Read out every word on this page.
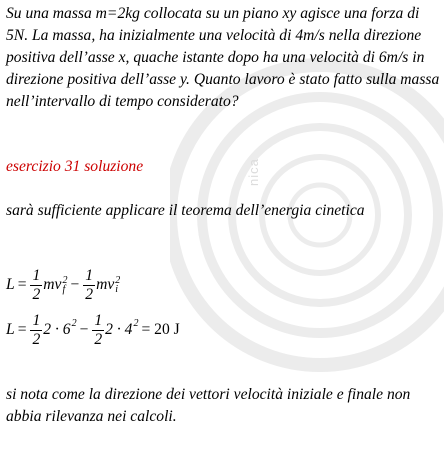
nica

Su una massa m=2kg collocata su un piano xy agisce una forza di 5N. La massa, ha inizialmente una velocità di 4m/s nella direzione positiva dell’asse x, quache istante dopo ha una velocità di 6m/s in direzione positiva dell’asse y. Quanto lavoro è stato fatto sulla massa nell’intervallo di tempo considerato?

esercizio 31 soluzione

sarà sufficiente applicare il teorema dell’energia cinetica

$L = \frac{1}{2}$ mv 2
$f - \frac{1}{2}$ mv 2
i
$L = \frac{1}{2} 2 \cdot 6$ $2 - \frac{1}{2} 2 \cdot 4$ 2 = 20 J

si nota come la direzione dei vettori velocità iniziale e finale non abbia rilevanza nei calcoli.
